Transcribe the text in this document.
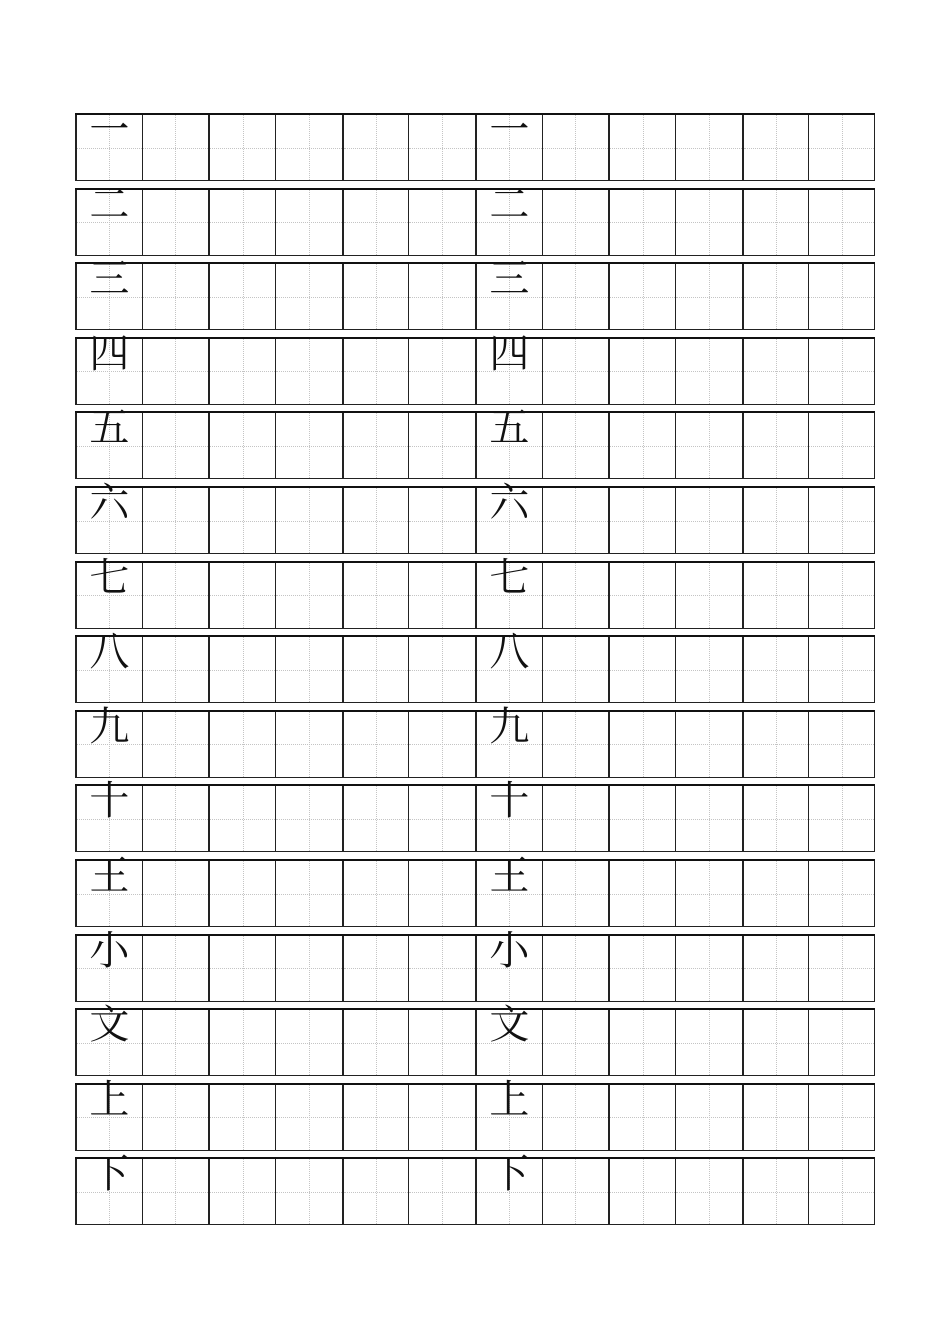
一	一
二	二
三	三
四	四
五	五
六	六
七	七
八	八
九	九
十	十
王	王
小	小
文	文
上	上
下	下
